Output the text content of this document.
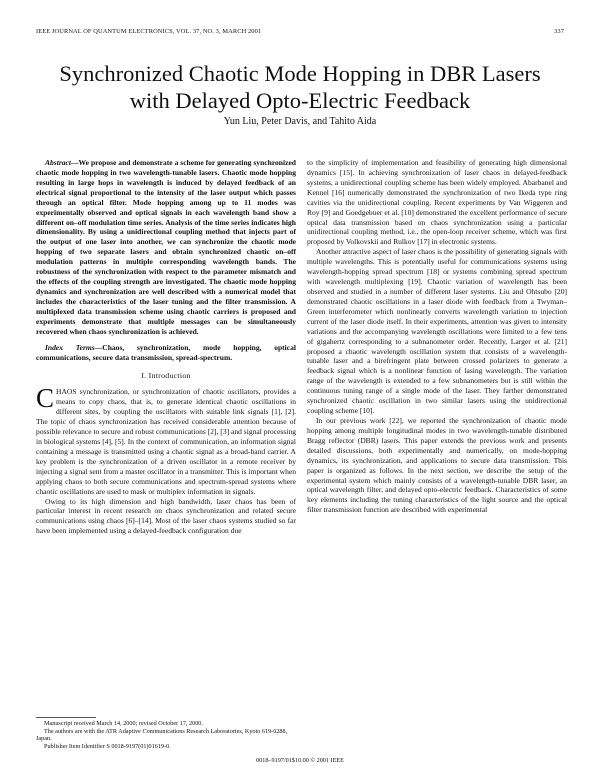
IEEE JOURNAL OF QUANTUM ELECTRONICS, VOL. 37, NO. 3, MARCH 2001	337
Synchronized Chaotic Mode Hopping in DBR Lasers
with Delayed Opto-Electric Feedback
Yun Liu, Peter Davis, and Tahito Aida

Abstract—We propose and demonstrate a scheme for generating synchronized chaotic mode hopping in two wavelength-tunable lasers. Chaotic mode hopping resulting in large hops in wavelength is induced by delayed feedback of an electrical signal proportional to the intensity of the laser output which passes through an optical filter. Mode hopping among up to 11 modes was experimentally observed and optical signals in each wavelength band show a different on–off modulation time series. Analysis of the time series indicates high dimensionality. By using a unidirectional coupling method that injects part of the output of one laser into another, we can synchronize the chaotic mode hopping of two separate lasers and obtain synchronized chaotic on–off modulation patterns in multiple corresponding wavelength bands. The robustness of the synchronization with respect to the parameter mismatch and the effects of the coupling strength are investigated. The chaotic mode hopping dynamics and synchronization are well described with a numerical model that includes the characteristics of the laser tuning and the filter transmission. A multiplexed data transmission scheme using chaotic carriers is proposed and experiments demonstrate that multiple messages can be simultaneously recovered when chaos synchronization is achieved.

Index Terms—Chaos, synchronization, mode hopping, optical communications, secure data transmission, spread-spectrum.

I. Introduction

CHAOS synchronization, or synchronization of chaotic oscillators, provides a means to copy chaos, that is, to generate identical chaotic oscillations in different sites, by coupling the oscillators with suitable link signals [1], [2]. The topic of chaos synchronization has received considerable attention because of possible relevance to secure and robust communications [2], [3] and signal processing in biological systems [4], [5]. In the context of communication, an information signal containing a message is transmitted using a chaotic signal as a broad-band carrier. A key problem is the synchronization of a driven oscillator in a remote receiver by injecting a signal sent from a master oscillator in a transmitter. This is important when applying chaos to both secure communications and spectrum-spread systems where chaotic oscillations are used to mask or multiplex information in signals.

Owing to its high dimension and high bandwidth, laser chaos has been of particular interest in recent research on chaos synchronization and related secure communications using chaos [6]–[14]. Most of the laser chaos systems studied so far have been implemented using a delayed-feedback configuration due

to the simplicity of implementation and feasibility of generating high dimensional dynamics [15]. In achieving synchronization of laser chaos in delayed-feedback systems, a unidirectional coupling scheme has been widely employed. Abarbanel and Kennel [16] numerically demonstrated the synchronization of two Ikeda type ring cavities via the unidirectional coupling. Recent experiments by Van Wiggeren and Roy [9] and Goedgebuer et al. [10] demonstrated the excellent performance of secure optical data transmission based on chaos synchronization using a particular unidirectional coupling method, i.e., the open-loop receiver scheme, which was first proposed by Volkovskii and Rulkov [17] in electronic systems.

Another attractive aspect of laser chaos is the possibility of generating signals with multiple wavelengths. This is potentially useful for communications systems using wavelength-hopping spread spectrum [18] or systems combining spread spectrum with wavelength multiplexing [19]. Chaotic variation of wavelength has been observed and studied in a number of different laser systems. Liu and Ohtsubo [20] demonstrated chaotic oscillations in a laser diode with feedback from a Twyman–Green interferometer which nonlinearly converts wavelength variation to injection current of the laser diode itself. In their experiments, attention was given to intensity variations and the accompanying wavelength oscillations were limited to a few tens of gigahertz corresponding to a subnanometer order. Recently, Larger et al. [21] proposed a chaotic wavelength oscillation system that consists of a wavelength-tunable laser and a birefringent plate between crossed polarizers to generate a feedback signal which is a nonlinear function of lasing wavelength. The variation range of the wavelength is extended to a few subnanometers but is still within the continuous tuning range of a single mode of the laser. They farther demonstrated synchronized chaotic oscillation in two similar lasers using the unidirectional coupling scheme [10].

In our previous work [22], we reported the synchronization of chaotic mode hopping among multiple longitudinal modes in two wavelength-tunable distributed Bragg reflector (DBR) lasers. This paper extends the previous work and presents detailed discussions, both experimentally and numerically, on mode-hopping dynamics, its synchronization, and applications to secure data transmission. This paper is organized as follows. In the next section, we describe the setup of the experimental system which mainly consists of a wavelength-tunable DBR laser, an optical wavelength filter, and delayed opto-electric feedback. Characteristics of some key elements including the tuning characteristics of the light source and the optical filter transmission function are described with experimental

Manuscript received March 14, 2000; revised October 17, 2000.

The authors are with the ATR Adaptive Communications Research Laboratories, Kyoto 619-0288, Japan.

Publisher Item Identifier S 0018-9197(01)01619-0.

0018–9197/01$10.00 © 2001 IEEE
